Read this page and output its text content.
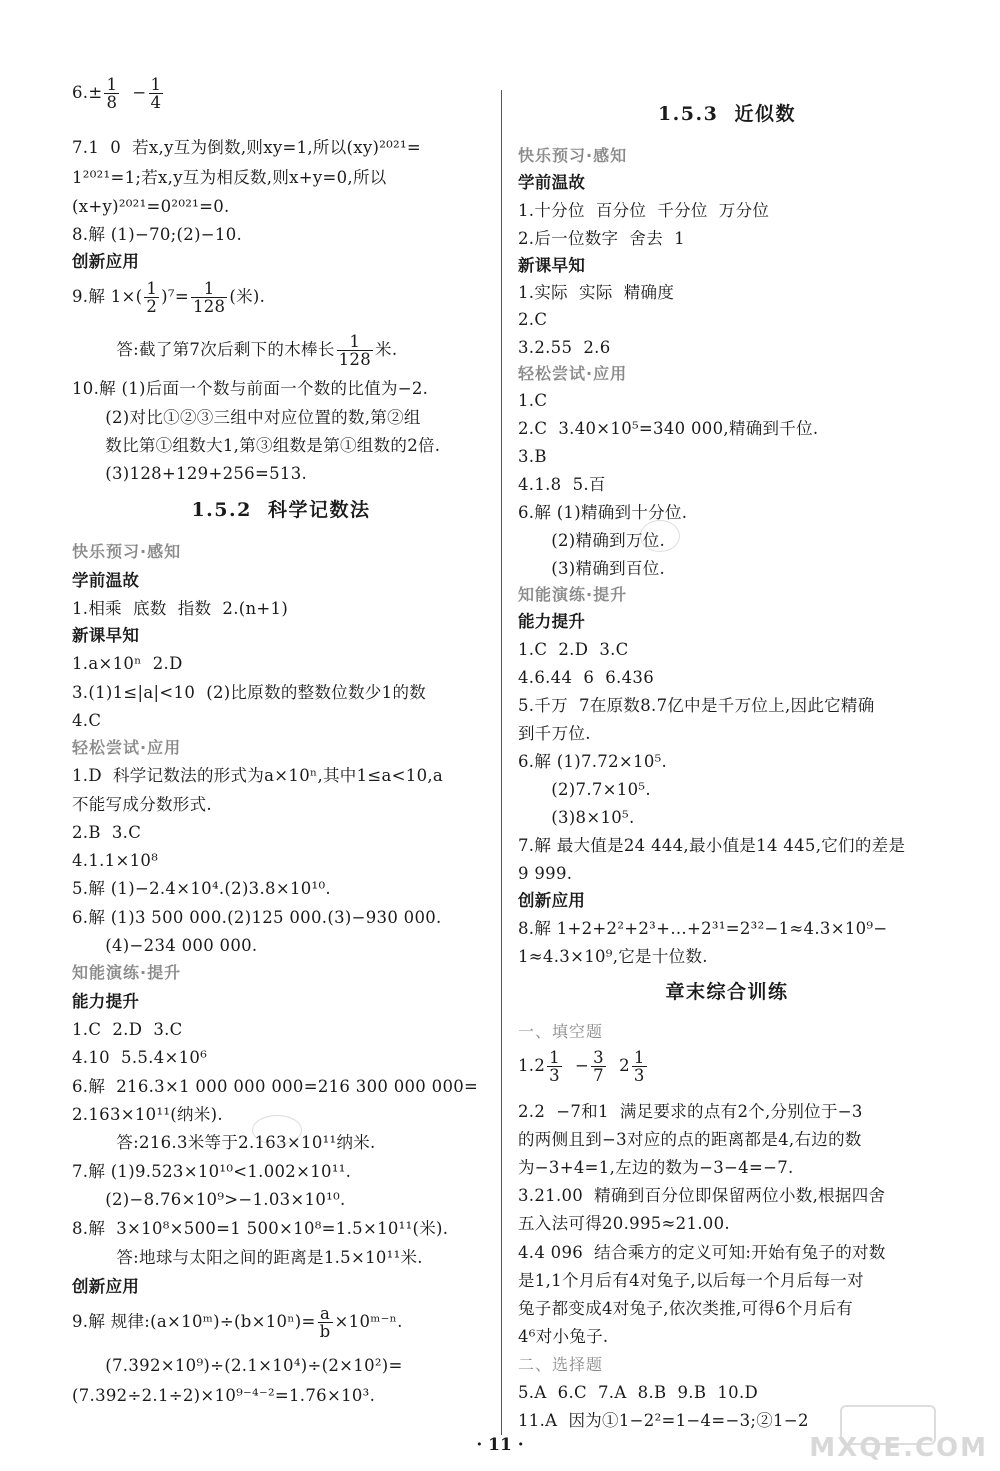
$6.\pm \frac{1}{8} - \frac{1}{4}$
7.1  0  若x,y互为倒数,则xy=1,所以(xy)²⁰²¹=
1²⁰²¹=1;若x,y互为相反数,则x+y=0,所以
(x+y)²⁰²¹=0²⁰²¹=0.
8.解 (1)−70;(2)−10.
创新应用
9.解 $1\times( \frac{1}{2} )^7= \frac{1}{128}$ (米).
答:截了第7次后剩下的木棒长 $\frac{1}{128}$ 米.
10.解 (1)后面一个数与前面一个数的比值为−2.
(2)对比①②③三组中对应位置的数,第②组
数比第①组数大1,第③组数是第①组数的2倍.
(3)128+129+256=513.
1.5.2  科学记数法
快乐预习·感知
学前温故
1.相乘  底数  指数  2.(n+1)
新课早知
1.a×10ⁿ  2.D
3.(1)1≤|a|<10  (2)比原数的整数位数少1的数
4.C
轻松尝试·应用
1.D  科学记数法的形式为a×10ⁿ,其中1≤a<10,a
不能写成分数形式.
2.B  3.C
4.1.1×10⁸
5.解 (1)−2.4×10⁴.(2)3.8×10¹⁰.
6.解 (1)3 500 000.(2)125 000.(3)−930 000.
(4)−234 000 000.
知能演练·提升
能力提升
1.C  2.D  3.C
4.10  5.5.4×10⁶
6.解  216.3×1 000 000 000=216 300 000 000=
2.163×10¹¹(纳米).
答:216.3米等于2.163×10¹¹纳米.
7.解 (1)9.523×10¹⁰<1.002×10¹¹.
(2)−8.76×10⁹>−1.03×10¹⁰.
8.解  3×10⁸×500=1 500×10⁸=1.5×10¹¹(米).
答:地球与太阳之间的距离是1.5×10¹¹米.
创新应用
9.解 规律:(a×10ᵐ)÷(b×10ⁿ)= $\frac{a}{b}$ ×10ᵐ⁻ⁿ.
(7.392×10⁹)÷(2.1×10⁴)÷(2×10²)=
(7.392÷2.1÷2)×10⁹⁻⁴⁻²=1.76×10³.
1.5.3  近似数
快乐预习·感知
学前温故
1.十分位  百分位  千分位  万分位
2.后一位数字  舍去  1
新课早知
1.实际  实际  精确度
2.C
3.2.55  2.6
轻松尝试·应用
1.C
2.C  3.40×10⁵=340 000,精确到千位.
3.B
4.1.8  5.百
6.解 (1)精确到十分位.
(2)精确到万位.
(3)精确到百位.
知能演练·提升
能力提升
1.C  2.D  3.C
4.6.44  6  6.436
5.千万  7在原数8.7亿中是千万位上,因此它精确
到千万位.
6.解 (1)7.72×10⁵.
(2)7.7×10⁵.
(3)8×10⁵.
7.解 最大值是24 444,最小值是14 445,它们的差是
9 999.
创新应用
8.解 1+2+2²+2³+…+2³¹=2³²−1≈4.3×10⁹−
1≈4.3×10⁹,它是十位数.
章末综合训练
一、填空题
$1.2 \frac{1}{3} - \frac{3}{7} 2 \frac{1}{3}$
2.2  −7和1  满足要求的点有2个,分别位于−3
的两侧且到−3对应的点的距离都是4,右边的数
为−3+4=1,左边的数为−3−4=−7.
3.21.00  精确到百分位即保留两位小数,根据四舍
五入法可得20.995≈21.00.
4.4 096  结合乘方的定义可知:开始有兔子的对数
是1,1个月后有4对兔子,以后每一个月后每一对
兔子都变成4对兔子,依次类推,可得6个月后有
4⁶对小兔子.
二、选择题
5.A  6.C  7.A  8.B  9.B  10.D
11.A  因为①1−2²=1−4=−3;②1−2
· 11 ·	MXQE.COM
